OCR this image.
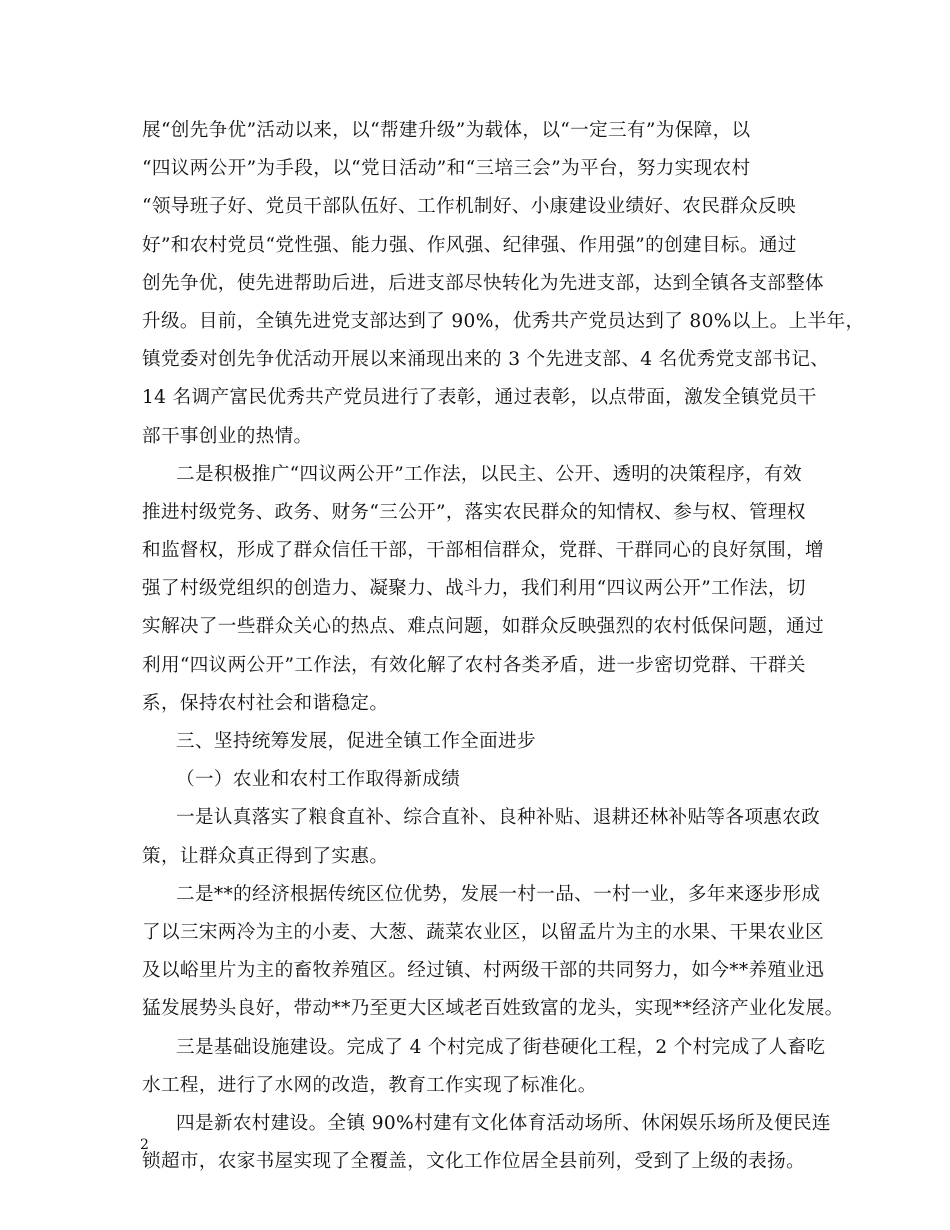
展“创先争优”活动以来，以“帮建升级”为载体，以“一定三有”为保障，以
“四议两公开”为手段，以“党日活动”和“三培三会”为平台，努力实现农村
“领导班子好、党员干部队伍好、工作机制好、小康建设业绩好、农民群众反映
好”和农村党员“党性强、能力强、作风强、纪律强、作用强”的创建目标。通过
创先争优，使先进帮助后进，后进支部尽快转化为先进支部，达到全镇各支部整体
升级。目前，全镇先进党支部达到了 90%，优秀共产党员达到了 80%以上。上半年，
镇党委对创先争优活动开展以来涌现出来的 3 个先进支部、4 名优秀党支部书记、
14 名调产富民优秀共产党员进行了表彰，通过表彰，以点带面，激发全镇党员干
部干事创业的热情。
二是积极推广“四议两公开”工作法，以民主、公开、透明的决策程序，有效
推进村级党务、政务、财务“三公开”，落实农民群众的知情权、参与权、管理权
和监督权，形成了群众信任干部，干部相信群众，党群、干群同心的良好氛围，增
强了村级党组织的创造力、凝聚力、战斗力，我们利用“四议两公开”工作法，切
实解决了一些群众关心的热点、难点问题，如群众反映强烈的农村低保问题，通过
利用“四议两公开”工作法，有效化解了农村各类矛盾，进一步密切党群、干群关
系，保持农村社会和谐稳定。
三、坚持统筹发展，促进全镇工作全面进步
（一）农业和农村工作取得新成绩
一是认真落实了粮食直补、综合直补、良种补贴、退耕还林补贴等各项惠农政
策，让群众真正得到了实惠。
二是**的经济根据传统区位优势，发展一村一品、一村一业，多年来逐步形成
了以三宋两冷为主的小麦、大葱、蔬菜农业区，以留孟片为主的水果、干果农业区
及以峪里片为主的畜牧养殖区。经过镇、村两级干部的共同努力，如今**养殖业迅
猛发展势头良好，带动**乃至更大区域老百姓致富的龙头，实现**经济产业化发展。
三是基础设施建设。完成了 4 个村完成了街巷硬化工程，2 个村完成了人畜吃
水工程，进行了水网的改造，教育工作实现了标准化。
四是新农村建设。全镇 90%村建有文化体育活动场所、休闲娱乐场所及便民连
锁超市，农家书屋实现了全覆盖，文化工作位居全县前列，受到了上级的表扬。
2
